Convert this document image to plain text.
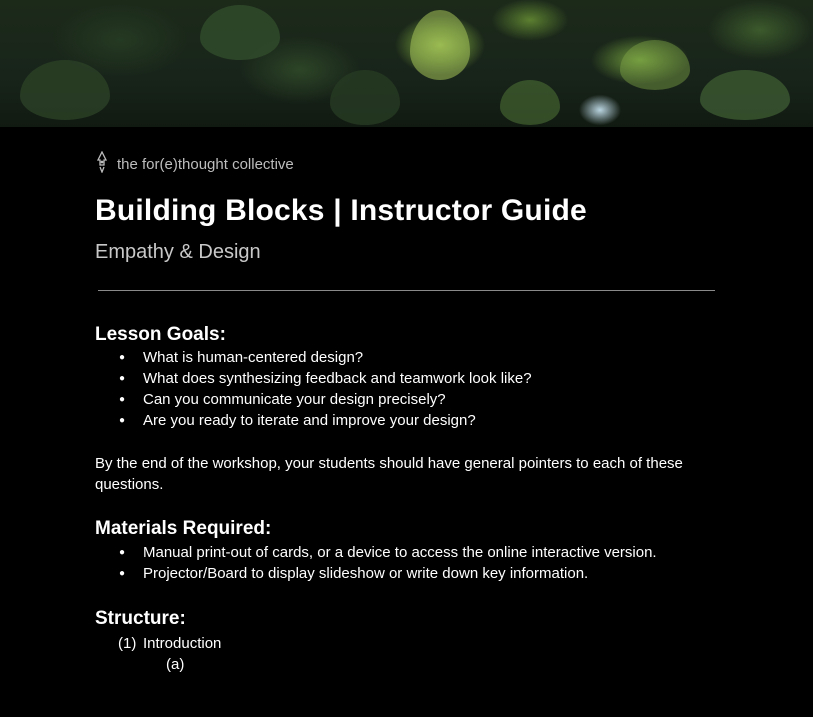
the for(e)thought collective
Building Blocks | Instructor Guide

Empathy & Design

Lesson Goals:
● What is human-centered design?
● What does synthesizing feedback and teamwork look like?
● Can you communicate your design precisely?
● Are you ready to iterate and improve your design?

By the end of the workshop, your students should have general pointers to each of these questions.

Materials Required:
● Manual print-out of cards, or a device to access the online interactive version.
● Projector/Board to display slideshow or write down key information.
Structure:
(1) Introduction
(a)
